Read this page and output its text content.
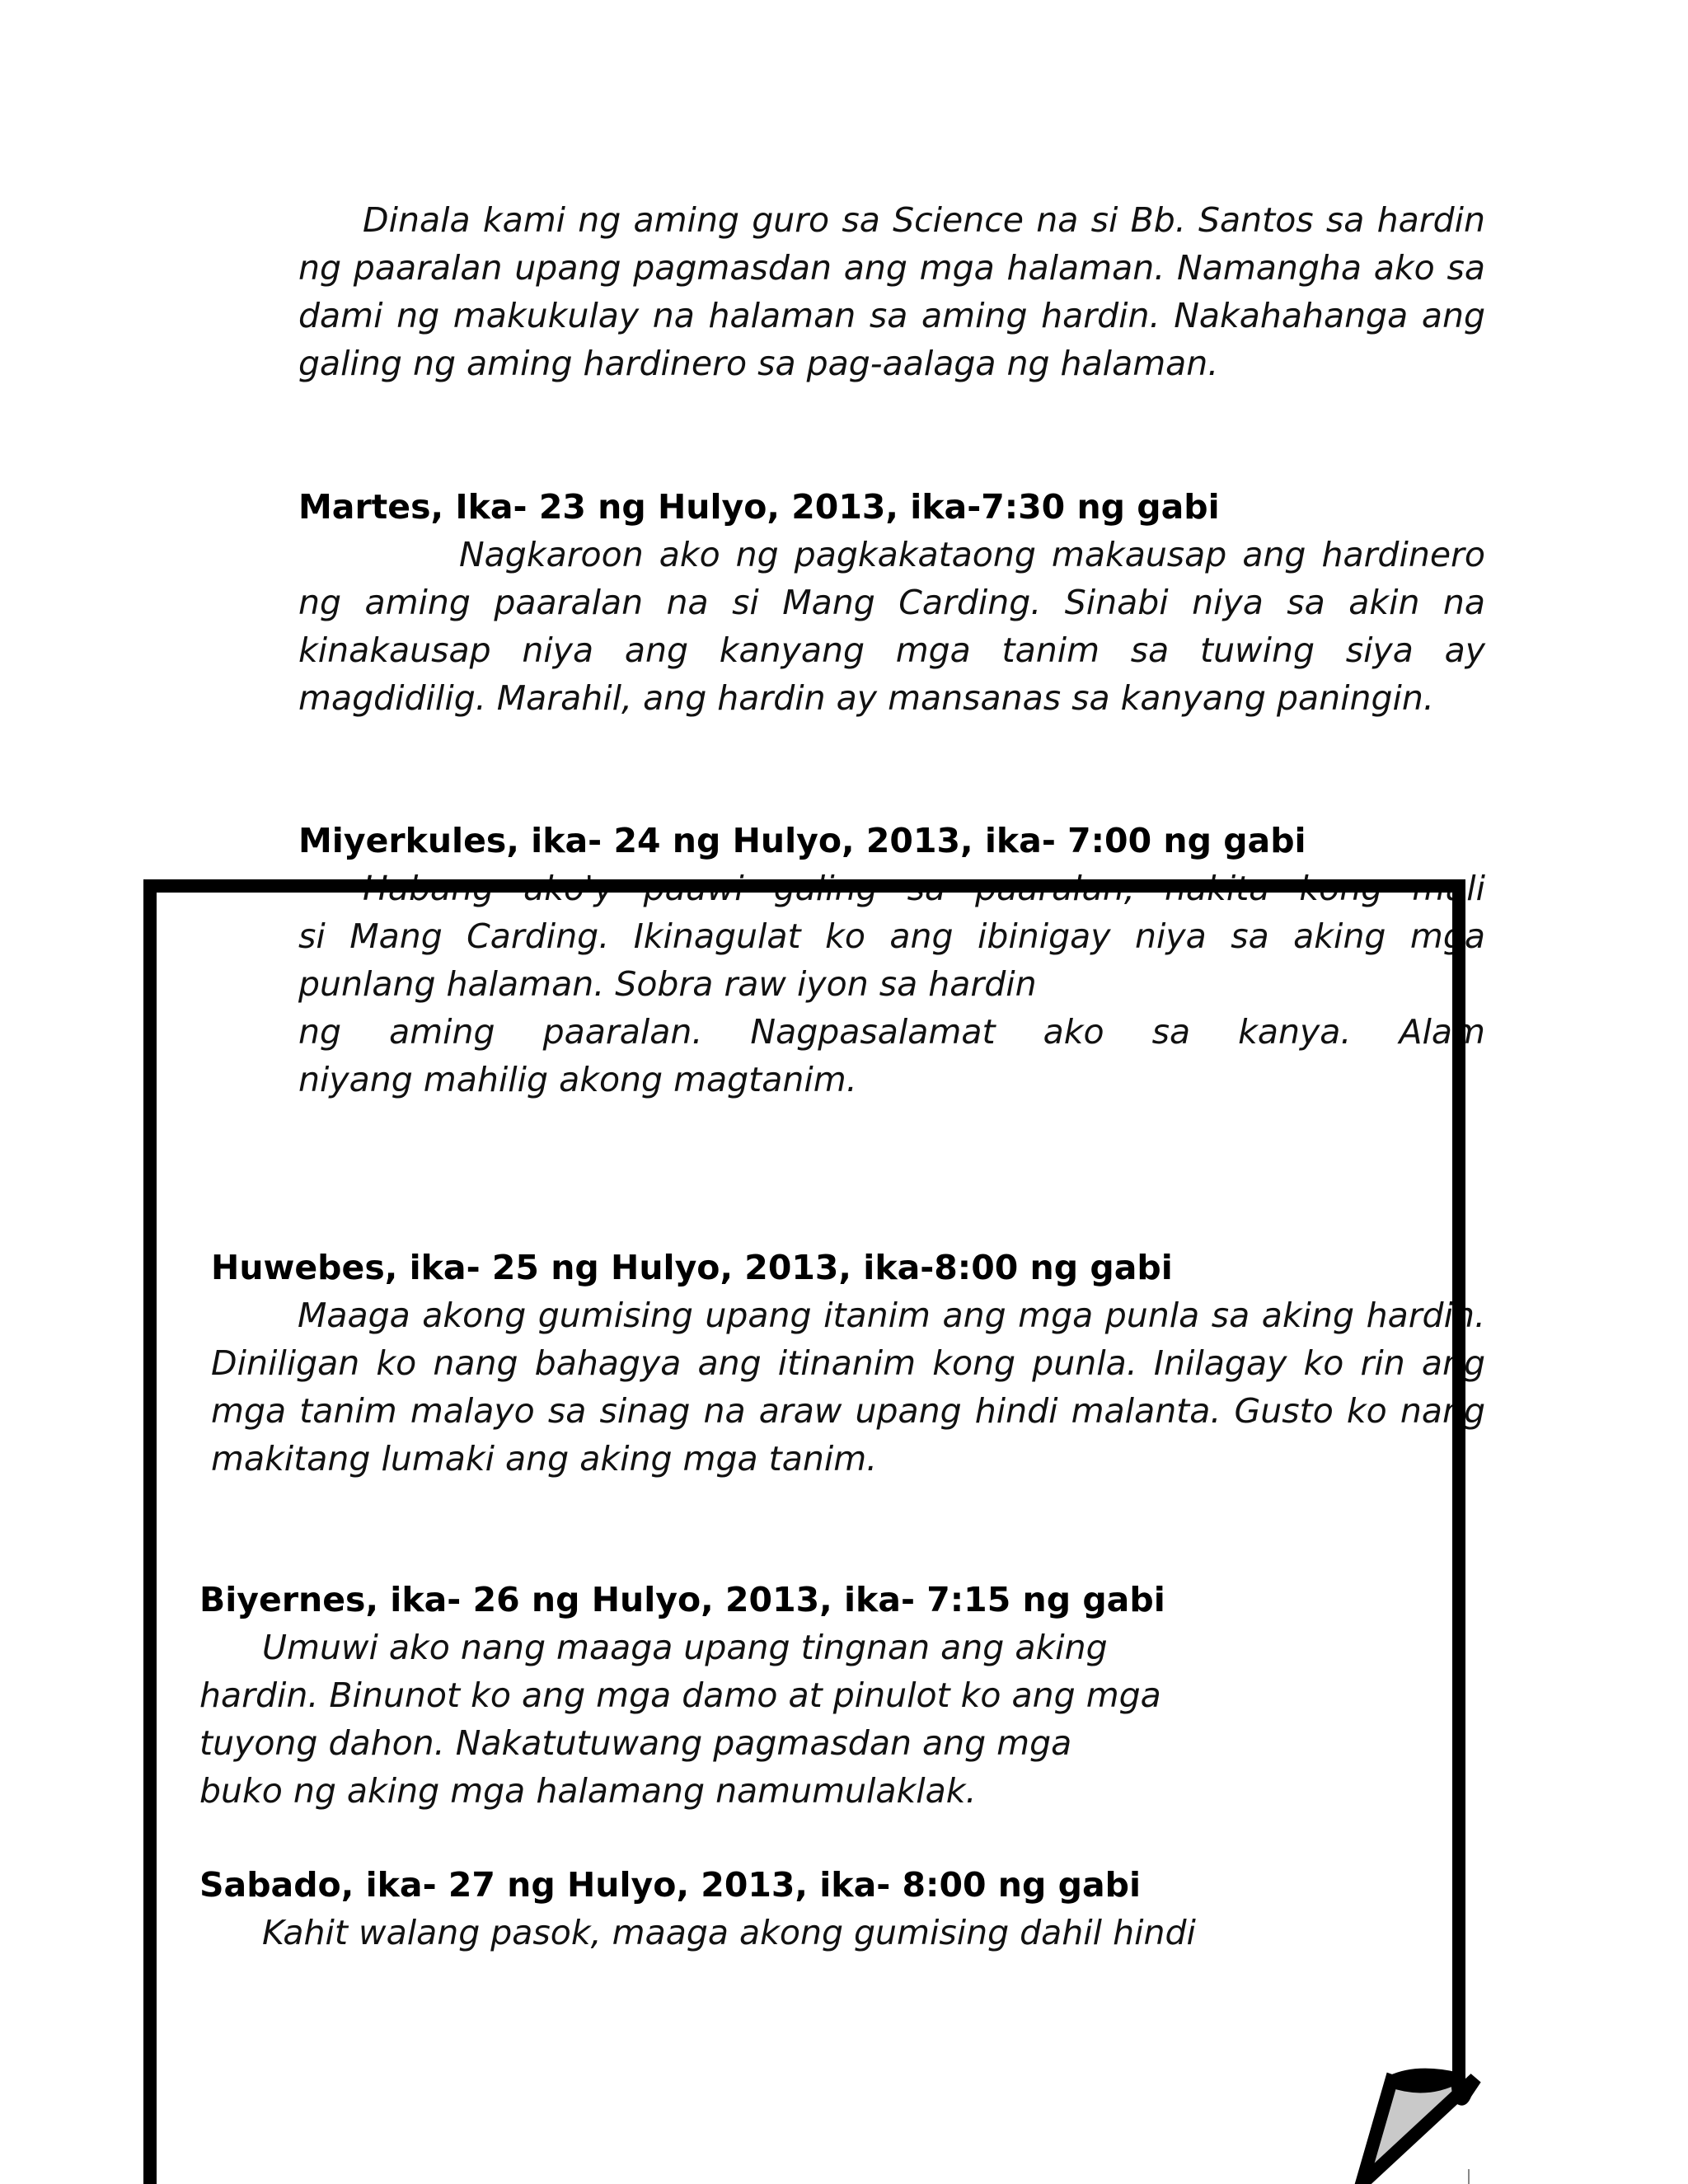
Dinala kami ng aming guro sa Science na si Bb. Santos sa hardin ng paaralan upang pagmasdan ang mga halaman. Namangha ako sa dami ng makukulay na halaman sa aming hardin. Nakahahanga ang galing ng aming hardinero sa pag-aalaga ng halaman.

Martes, Ika- 23 ng Hulyo, 2013, ika-7:30 ng gabi

Nagkaroon ako ng pagkakataong makausap ang hardinero ng aming paaralan na si Mang Carding. Sinabi niya sa akin na kinakausap niya ang kanyang mga tanim sa tuwing siya ay magdidilig. Marahil, ang hardin ay mansanas sa kanyang paningin.

Miyerkules, ika- 24 ng Hulyo, 2013, ika- 7:00 ng gabi

Habang ako'y pauwi galing sa paaralan, nakita kong muli

si Mang Carding. Ikinagulat ko ang ibinigay niya sa aking mga

punlang halaman. Sobra raw iyon sa hardin

ng aming paaralan. Nagpasalamat ako sa kanya. Alam

niyang mahilig akong magtanim.

Huwebes, ika- 25 ng Hulyo, 2013, ika-8:00 ng gabi

Maaga akong gumising upang itanim ang mga punla sa aking hardin. Diniligan ko nang bahagya ang itinanim kong punla. Inilagay ko rin ang mga tanim malayo sa sinag na araw upang hindi malanta. Gusto ko nang makitang lumaki ang aking mga tanim.

Biyernes, ika- 26 ng Hulyo, 2013, ika- 7:15 ng gabi

Umuwi ako nang maaga upang tingnan ang aking

hardin. Binunot ko ang mga damo at pinulot ko ang mga

tuyong dahon. Nakatutuwang pagmasdan ang mga

buko ng aking mga halamang namumulaklak.

Sabado, ika- 27 ng Hulyo, 2013, ika- 8:00 ng gabi

Kahit walang pasok, maaga akong gumising dahil hindi
